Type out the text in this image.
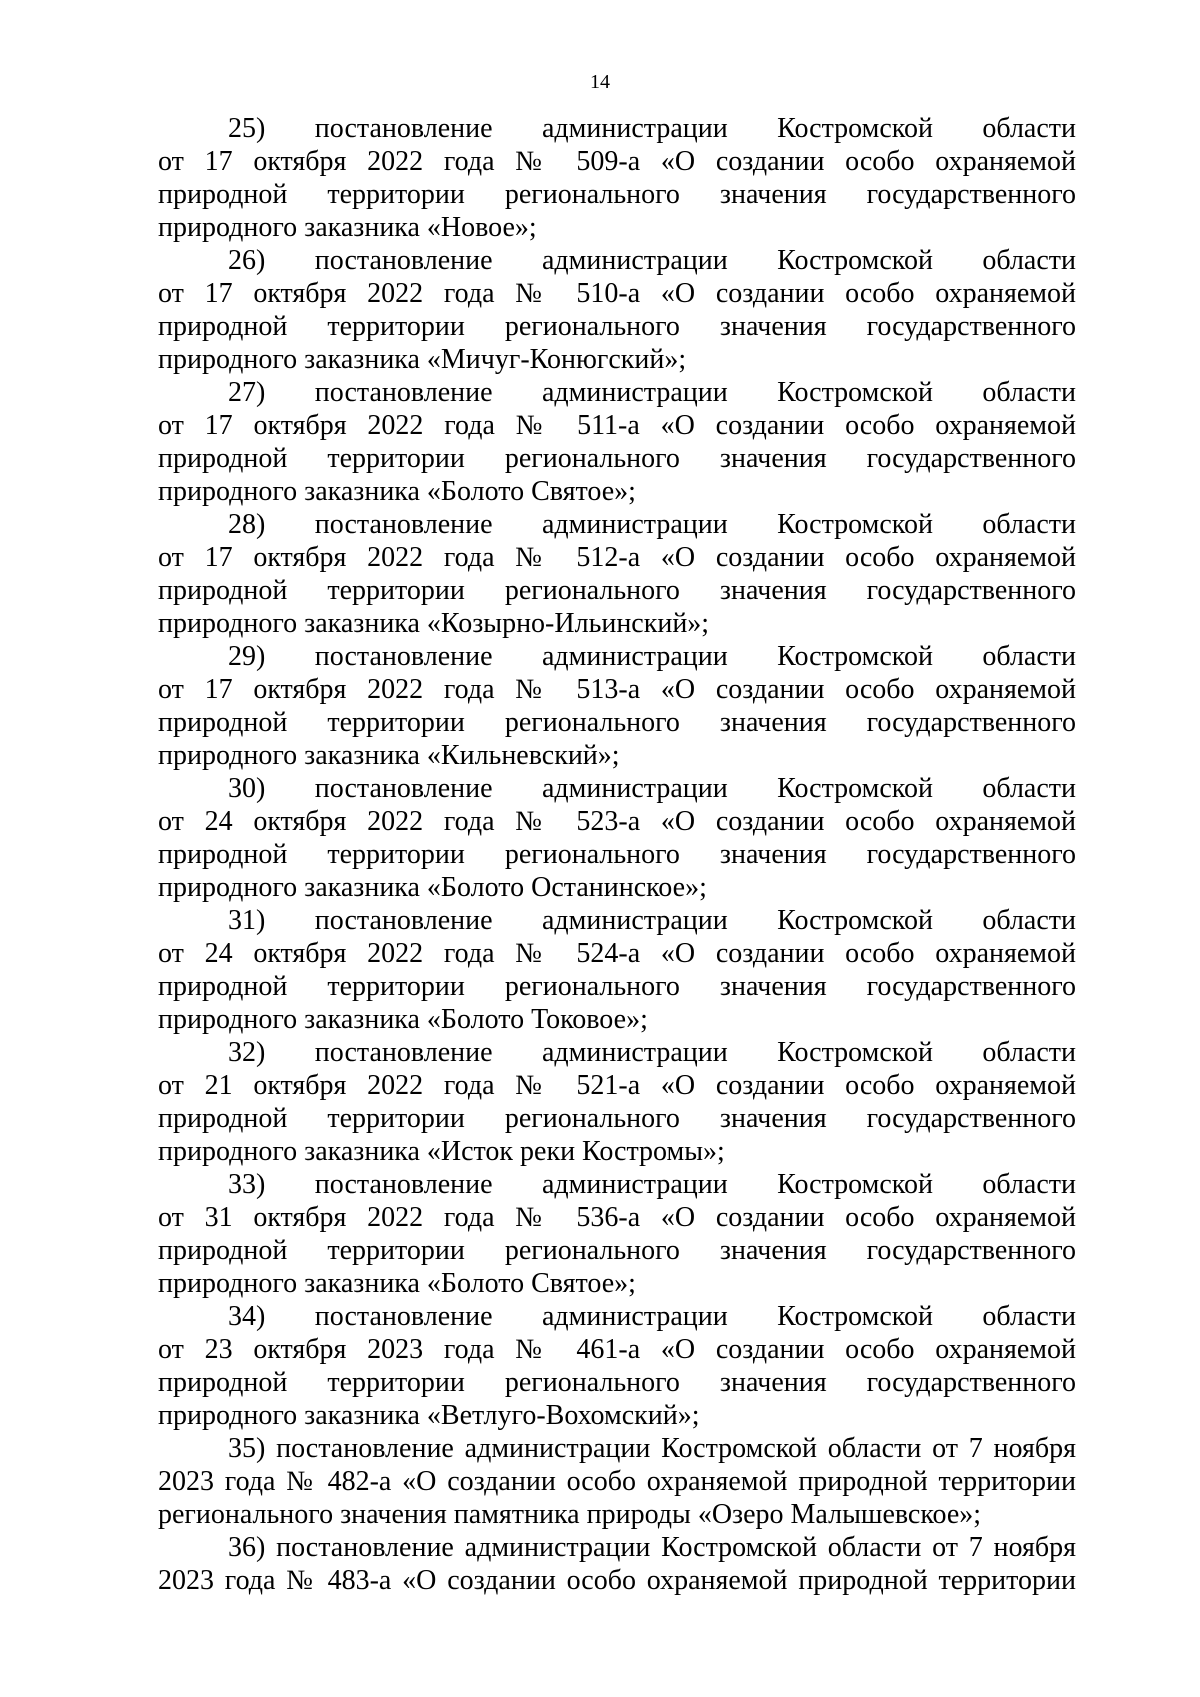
14

25)      постановление      администрации      Костромской      области
от 17 октября 2022 года № 509-а «О создании особо охраняемой
природной территории регионального значения государственного
природного заказника «Новое»;

26) постановление администрации Костромской области
от 17 октября 2022 года № 510-а «О создании особо охраняемой
природной территории регионального значения государственного
природного заказника «Мичуг-Конюгский»;

27) постановление администрации Костромской области
от 17 октября 2022 года № 511-а «О создании особо охраняемой
природной территории регионального значения государственного
природного заказника «Болото Святое»;

28) постановление администрации Костромской области
от 17 октября 2022 года № 512-а «О создании особо охраняемой
природной территории регионального значения государственного
природного заказника «Козырно-Ильинский»;

29) постановление администрации Костромской области
от 17 октября 2022 года № 513-а «О создании особо охраняемой
природной территории регионального значения государственного
природного заказника «Кильневский»;

30) постановление администрации Костромской области
от 24 октября 2022 года № 523-а «О создании особо охраняемой
природной территории регионального значения государственного
природного заказника «Болото Останинское»;

31) постановление администрации Костромской области
от 24 октября 2022 года № 524-а «О создании особо охраняемой
природной территории регионального значения государственного
природного заказника «Болото Токовое»;

32) постановление администрации Костромской области
от 21 октября 2022 года № 521-а «О создании особо охраняемой
природной территории регионального значения государственного
природного заказника «Исток реки Костромы»;

33) постановление администрации Костромской области
от 31 октября 2022 года № 536-а «О создании особо охраняемой
природной территории регионального значения государственного
природного заказника «Болото Святое»;

34) постановление администрации Костромской области
от 23 октября 2023 года № 461-а «О создании особо охраняемой
природной территории регионального значения государственного
природного заказника «Ветлуго-Вохомский»;

35) постановление администрации Костромской области от 7 ноября
2023 года № 482-а «О создании особо охраняемой природной территории
регионального значения памятника природы «Озеро Малышевское»;

36) постановление администрации Костромской области от 7 ноября
2023 года № 483-а «О создании особо охраняемой природной территории
